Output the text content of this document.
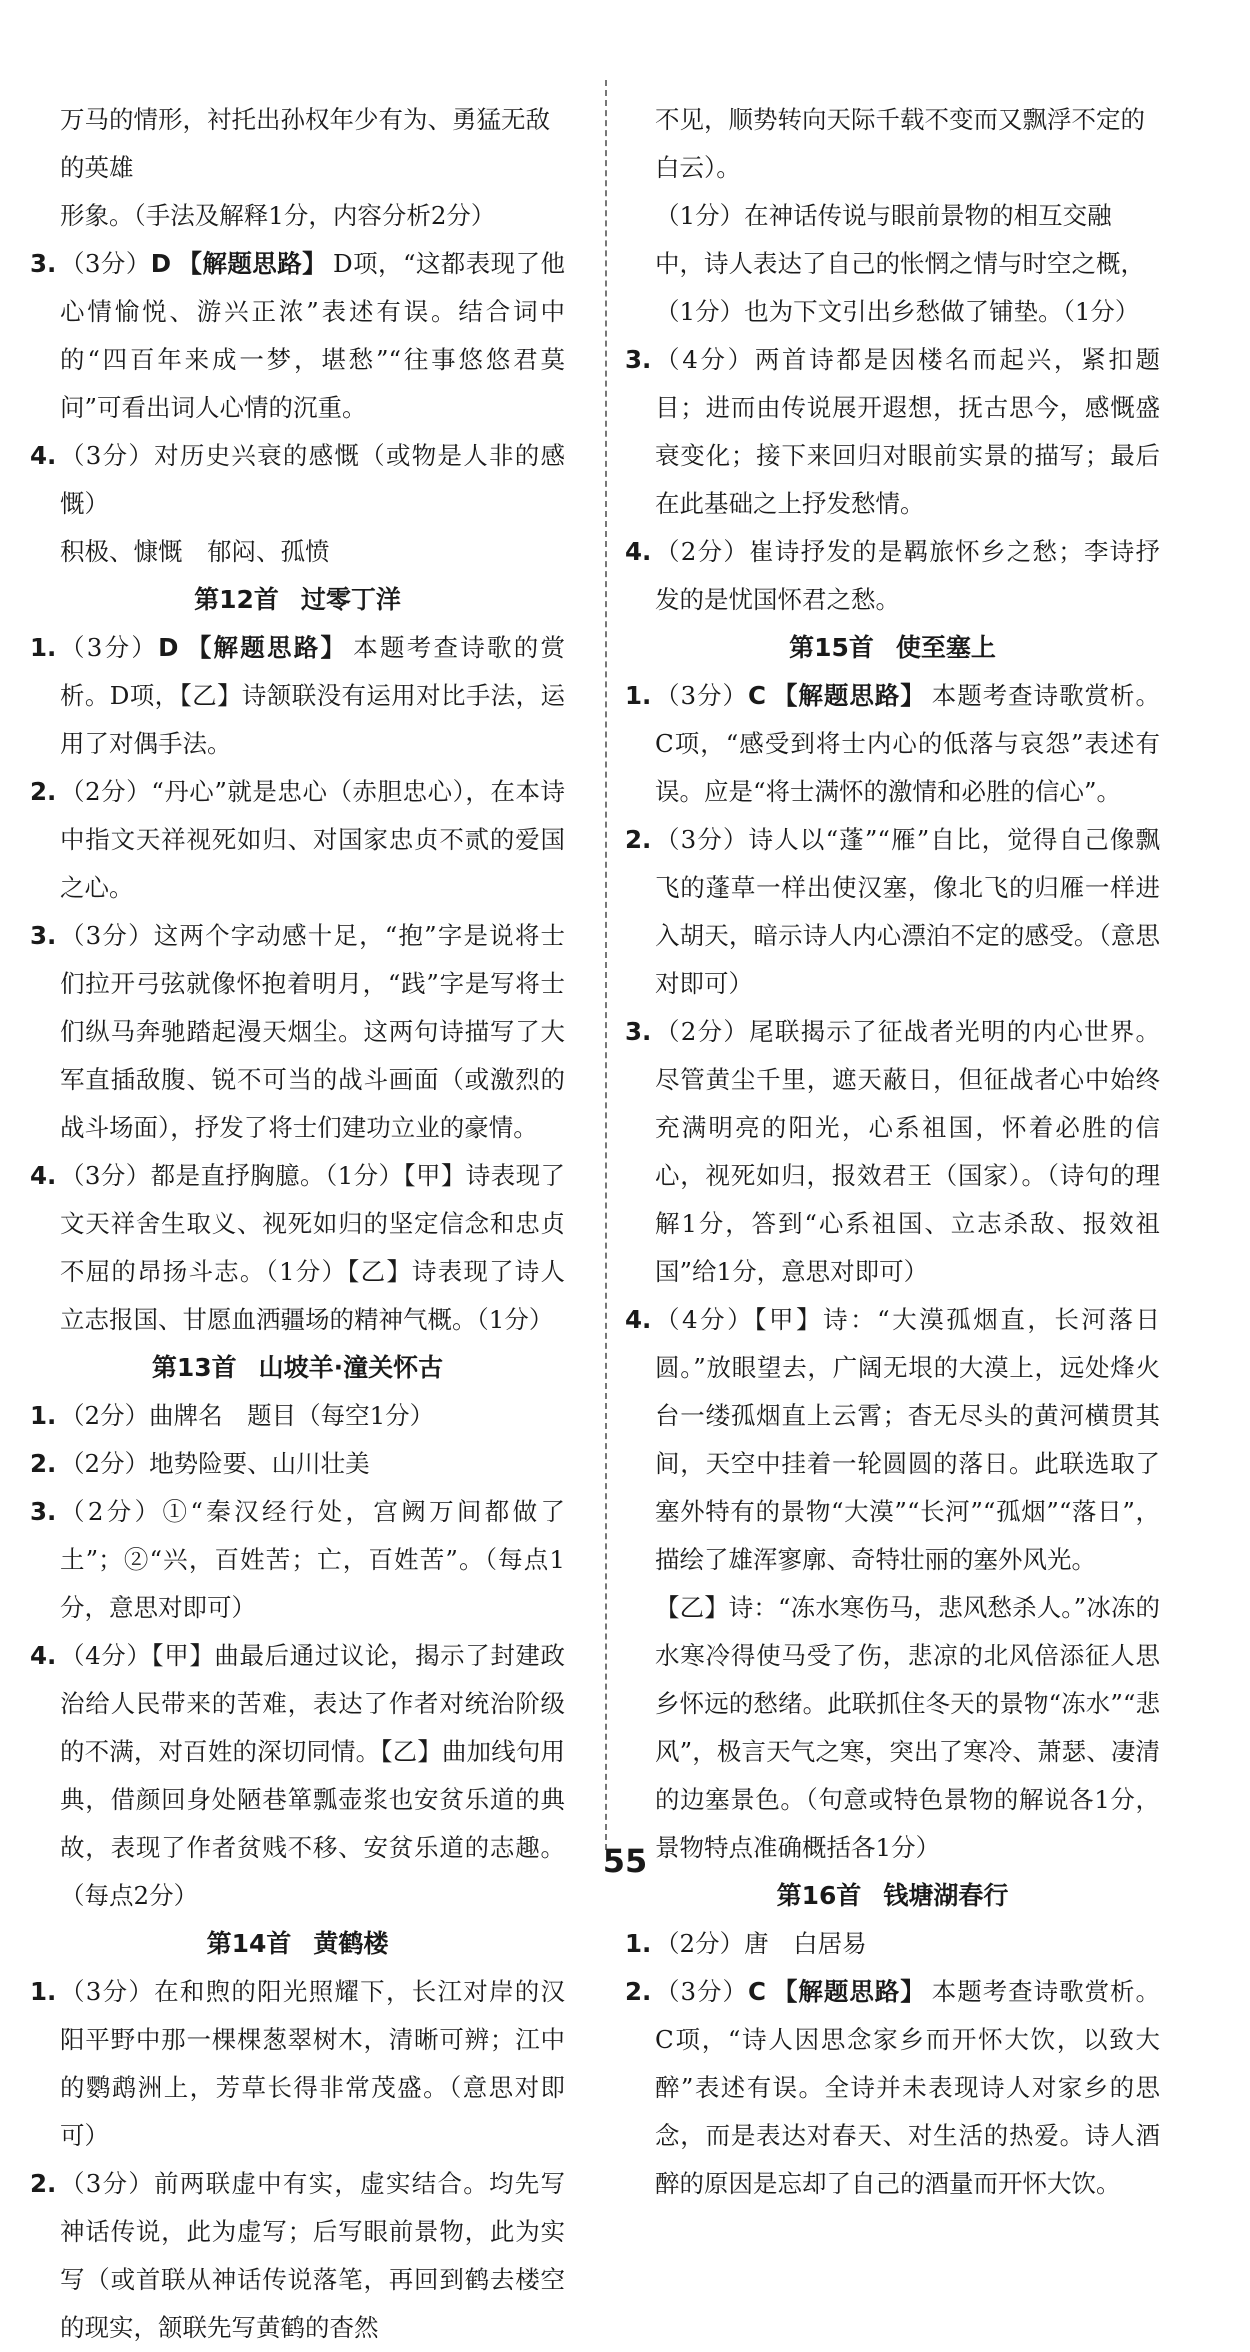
万马的情形，衬托出孙权年少有为、勇猛无敌的英雄
形象。（手法及解释1分，内容分析2分）
3. （3分）D 【解题思路】 D项，“这都表现了他心情愉悦、游兴正浓”表述有误。结合词中的“四百年来成一梦，堪愁”“往事悠悠君莫问”可看出词人心情的沉重。
4. （3分）对历史兴衰的感慨（或物是人非的感慨）
积极、慷慨　郁闷、孤愤
第12首 过零丁洋
1. （3分）D 【解题思路】 本题考查诗歌的赏析。D项，【乙】诗颔联没有运用对比手法，运用了对偶手法。
2. （2分）“丹心”就是忠心（赤胆忠心），在本诗中指文天祥视死如归、对国家忠贞不贰的爱国之心。
3. （3分）这两个字动感十足，“抱”字是说将士们拉开弓弦就像怀抱着明月，“践”字是写将士们纵马奔驰踏起漫天烟尘。这两句诗描写了大军直插敌腹、锐不可当的战斗画面（或激烈的战斗场面），抒发了将士们建功立业的豪情。
4. （3分）都是直抒胸臆。（1分）【甲】诗表现了文天祥舍生取义、视死如归的坚定信念和忠贞不屈的昂扬斗志。（1分）【乙】诗表现了诗人立志报国、甘愿血洒疆场的精神气概。（1分）
第13首 山坡羊·潼关怀古
1. （2分）曲牌名　题目（每空1分）
2. （2分）地势险要、山川壮美
3. （2分）①“秦汉经行处，宫阙万间都做了土”；②“兴，百姓苦；亡，百姓苦”。（每点1分，意思对即可）
4. （4分）【甲】曲最后通过议论，揭示了封建政治给人民带来的苦难，表达了作者对统治阶级的不满，对百姓的深切同情。【乙】曲加线句用典，借颜回身处陋巷箪瓢壶浆也安贫乐道的典故，表现了作者贫贱不移、安贫乐道的志趣。（每点2分）
第14首 黄鹤楼
1. （3分）在和煦的阳光照耀下，长江对岸的汉阳平野中那一棵棵葱翠树木，清晰可辨；江中的鹦鹉洲上，芳草长得非常茂盛。（意思对即可）
2. （3分）前两联虚中有实，虚实结合。均先写神话传说，此为虚写；后写眼前景物，此为实写（或首联从神话传说落笔，再回到鹤去楼空的现实，颔联先写黄鹤的杳然
不见，顺势转向天际千载不变而又飘浮不定的白云）。
（1分）在神话传说与眼前景物的相互交融中，诗人表达了自己的怅惘之情与时空之概，（1分）也为下文引出乡愁做了铺垫。（1分）
3. （4分）两首诗都是因楼名而起兴，紧扣题目；进而由传说展开遐想，抚古思今，感慨盛衰变化；接下来回归对眼前实景的描写；最后在此基础之上抒发愁情。
4. （2分）崔诗抒发的是羁旅怀乡之愁；李诗抒发的是忧国怀君之愁。
第15首 使至塞上
1. （3分）C 【解题思路】 本题考查诗歌赏析。C项，“感受到将士内心的低落与哀怨”表述有误。应是“将士满怀的激情和必胜的信心”。
2. （3分）诗人以“蓬”“雁”自比，觉得自己像飘飞的蓬草一样出使汉塞，像北飞的归雁一样进入胡天，暗示诗人内心漂泊不定的感受。（意思对即可）
3. （2分）尾联揭示了征战者光明的内心世界。尽管黄尘千里，遮天蔽日，但征战者心中始终充满明亮的阳光，心系祖国，怀着必胜的信心，视死如归，报效君王（国家）。（诗句的理解1分，答到“心系祖国、立志杀敌、报效祖国”给1分，意思对即可）
4. （4分）【甲】诗：“大漠孤烟直，长河落日圆。”放眼望去，广阔无垠的大漠上，远处烽火台一缕孤烟直上云霄；杳无尽头的黄河横贯其间，天空中挂着一轮圆圆的落日。此联选取了塞外特有的景物“大漠”“长河”“孤烟”“落日”，描绘了雄浑寥廓、奇特壮丽的塞外风光。
【乙】诗：“冻水寒伤马，悲风愁杀人。”冰冻的水寒冷得使马受了伤，悲凉的北风倍添征人思乡怀远的愁绪。此联抓住冬天的景物“冻水”“悲风”，极言天气之寒，突出了寒冷、萧瑟、凄清的边塞景色。（句意或特色景物的解说各1分，景物特点准确概括各1分）
第16首 钱塘湖春行
1. （2分）唐　白居易
2. （3分）C 【解题思路】 本题考查诗歌赏析。C项，“诗人因思念家乡而开怀大饮，以致大醉”表述有误。全诗并未表现诗人对家乡的思念，而是表达对春天、对生活的热爱。诗人酒醉的原因是忘却了自己的酒量而开怀大饮。
55
